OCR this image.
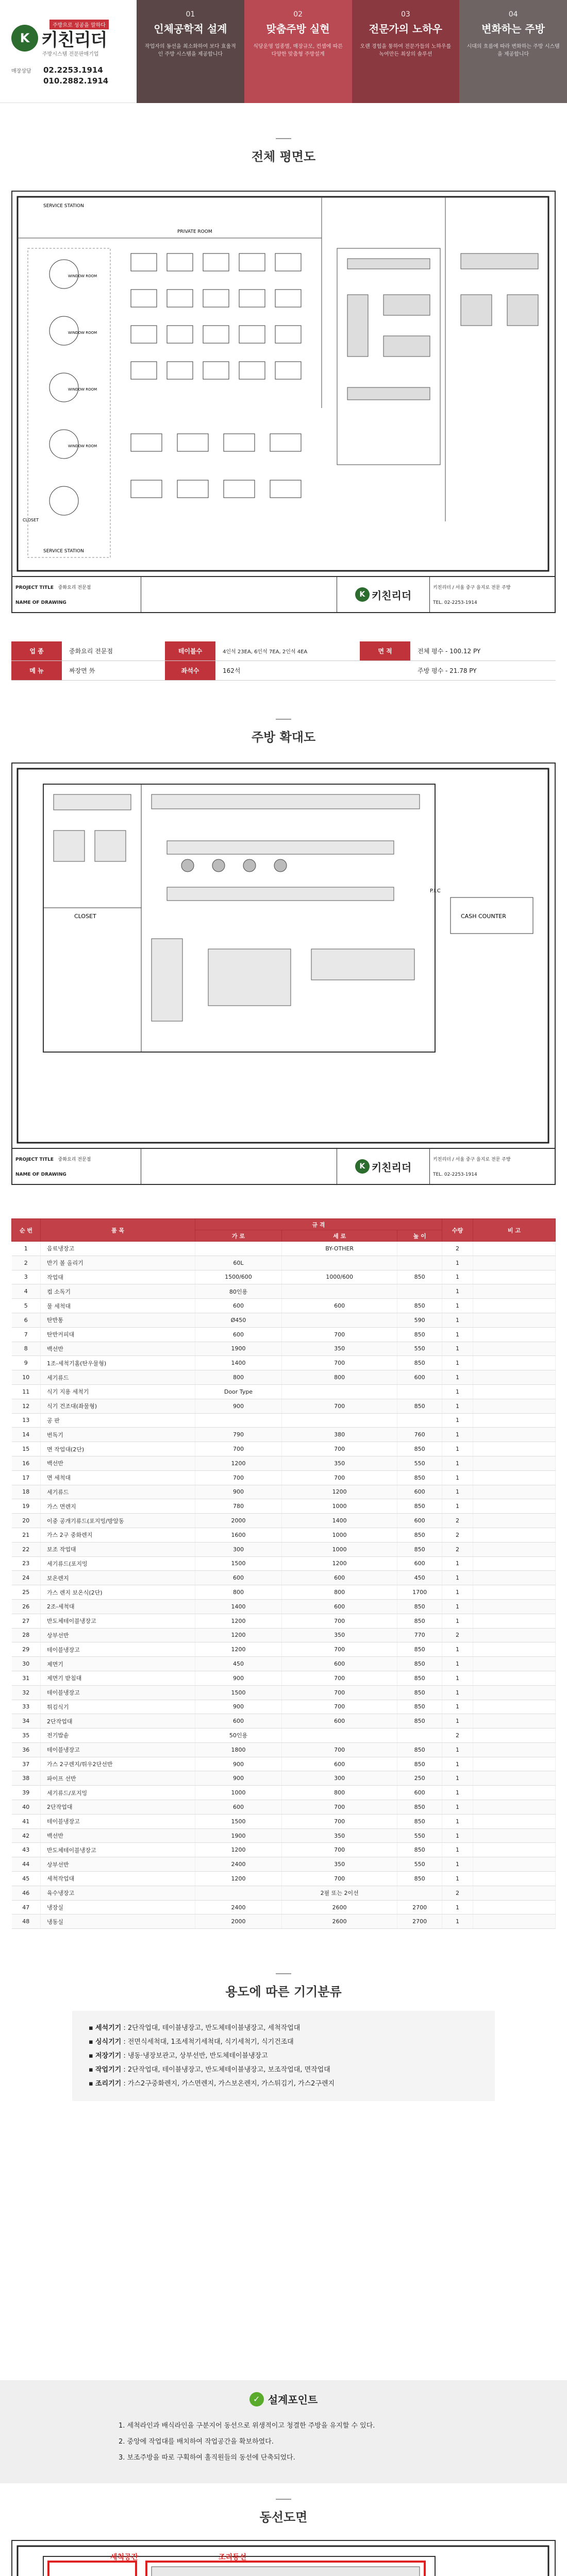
주방으로 성공을 말하다
K 키친리더
주방시스템 전문판매기업
매장상담 02.2253.1914
010.2882.1914
01
인체공학적 설계
작업자의 동선을 최소화하여 보다 효율적인 주방 시스템을 제공합니다
02
맞춤주방 실현
식당운영 업종별, 매장규모, 컨셉에 따른 다양한 맞춤형 주방설계
03
전문가의 노하우
오랜 경험을 통하여 전문가들의 노하우를 녹여만든 최상의 솔루션
04
변화하는 주방
시대의 흐름에 따라 변화하는 주방 시스템을 제공합니다
전체 평면도
SERVICE STATION
PRIVATE ROOM
SERVICE STATION
WINDOW ROOM
WINDOW ROOM
WINDOW ROOM
WINDOW ROOM
CLOSET
PROJECT TITLE 중화요리 전문점
NAME OF DRAWING
K 키친리더
키친리더 / 서울 중구 을지로 전문 주방
TEL. 02-2253-1914
업 종	중화요리 전문점	테이블수	4인석 23EA, 6인석 7EA, 2인석 4EA	면 적	전체 평수 - 100.12 PY
메 뉴	짜장면 外	좌석수	162석	주방 평수 - 21.78 PY
주방 확대도
CLOSET	CASH COUNTER
P.I.C
PROJECT TITLE 중화요리 전문점
NAME OF DRAWING
K 키친리더
키친리더 / 서울 중구 을지로 전문 주방
TEL. 02-2253-1914
순 번	품 목	규 격			수량	비 고
		가 로	세 로	높 이		
1	음료냉장고		BY-OTHER		2	
2	반기 볼 올리기	60L			1	
3	작업대	1500/600	1000/600	850	1	
4	컵 소독기	80인용			1	
5	물 세척대	600	600	850	1	
6	탄반통	Ø450		590	1	
7	탄반커피대	600	700	850	1	
8	백선반	1900	350	550	1	
9	1조-세척기홈(탄우물형)	1400	700	850	1	
10	세기류드	800	800	600	1	
11	식기 지용 세척기	Door Type			1	
12	식기 건조대(좌물형)	900	700	850	1	
13	공 판				1	
14	번독기	790	380	760	1	
15	면 작업대(2단)	700	700	850	1	
16	백선반	1200	350	550	1	
17	면 세척대	700	700	850	1	
18	세기류드	900	1200	600	1	
19	가스 면렌지	780	1000	850	1	
20	이중 공개기류드(포지밍/방알동	2000	1400	600	2	
21	가스 2구 중화렌지	1600	1000	850	2	
22	보조 작업대	300	1000	850	2	
23	세기류드(포지밍	1500	1200	600	1	
24	보온렌지	600	600	450	1	
25	가스 렌지 보온식(2단)	800	800	1700	1	
26	2조-세척대	1400	600	850	1	
27	반도체테이블냉장고	1200	700	850	1	
28	상부선반	1200	350	770	2	
29	테이블냉장고	1200	700	850	1	
30	제면기	450	600	850	1	
31	제면기 받침대	900	700	850	1	
32	테이블냉장고	1500	700	850	1	
33	튀김식기	900	700	850	1	
34	2단작업대	600	600	850	1	
35	전기밥솥	50인용			2	
36	테이블냉장고	1800	700	850	1	
37	가스 2구렌지/튀우2단선반	900	600	850	1	
38	파이프 선반	900	300	250	1	
39	세기류드/포지밍	1000	800	600	1	
40	2단작업대	600	700	850	1	
41	테이블냉장고	1500	700	850	1	
42	백선반	1900	350	550	1	
43	반도체테이블냉장고	1200	700	850	1	
44	상부선반	2400	350	550	1	
45	세척작업대	1200	700	850	1	
46	육수냉장고		2필 또는 2이선		2	
47	냉장실	2400	2600	2700	1	
48	냉동실	2000	2600	2700	1	
용도에 따른 기기분류
▪ 세석기기 : 2단작업대, 테이블냉장고, 반도체테이블냉장고, 세척작업대
▪ 싱식기기 : 전면식세척대, 1조세척기세척대, 식기세척기, 식기건조대
▪ 저장기기 : 냉동·냉장보관고, 상부선반, 반도체테이블냉장고
▪ 작업기기 : 2단작업대, 테이블냉장고, 반도체테이블냉장고, 보조작업대, 면작업대
▪ 조리기기 : 가스2구중화렌지, 가스면렌지, 가스보온렌지, 가스튀김기, 가스2구렌지
✓ 설계포인트
1. 세척라인과 배식라인을 구분지어 동선으로 위생적이고 청결한 주방을 유지할 수 있다.
2. 중앙에 작업대를 배치하여 작업공간을 확보하였다.
3. 보조주방을 따로 구획하여 홀직원들의 동선에 단축되었다.
동선도면
세척공간	조리동선
